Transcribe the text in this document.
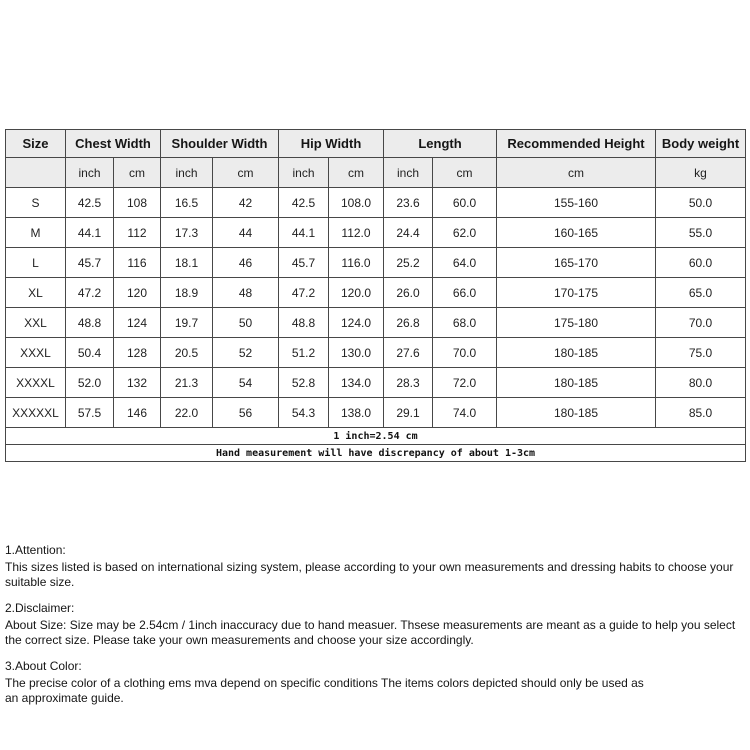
Size	Chest Width		Shoulder Width		Hip Width		Length		Recommended Height	Body weight
	inch	cm	inch	cm	inch	cm	inch	cm	cm	kg
S	42.5	108	16.5	42	42.5	108.0	23.6	60.0	155-160	50.0
M	44.1	112	17.3	44	44.1	112.0	24.4	62.0	160-165	55.0
L	45.7	116	18.1	46	45.7	116.0	25.2	64.0	165-170	60.0
XL	47.2	120	18.9	48	47.2	120.0	26.0	66.0	170-175	65.0
XXL	48.8	124	19.7	50	48.8	124.0	26.8	68.0	175-180	70.0
XXXL	50.4	128	20.5	52	51.2	130.0	27.6	70.0	180-185	75.0
XXXXL	52.0	132	21.3	54	52.8	134.0	28.3	72.0	180-185	80.0
XXXXXL	57.5	146	22.0	56	54.3	138.0	29.1	74.0	180-185	85.0
1 inch=2.54 cm										
Hand measurement will have discrepancy of about 1-3cm										
1.Attention:

This sizes listed is based on international sizing system, please according to your own measurements and dressing habits to choose your suitable size.

2.Disclaimer:

About Size: Size may be 2.54cm / 1inch inaccuracy due to hand measuer. Thsese measurements are meant as a guide to help you select the correct size. Please take your own measurements and choose your size accordingly.

3.About Color:

The precise color of a clothing ems mva depend on specific conditions The items colors depicted should only be used as an approximate guide.
